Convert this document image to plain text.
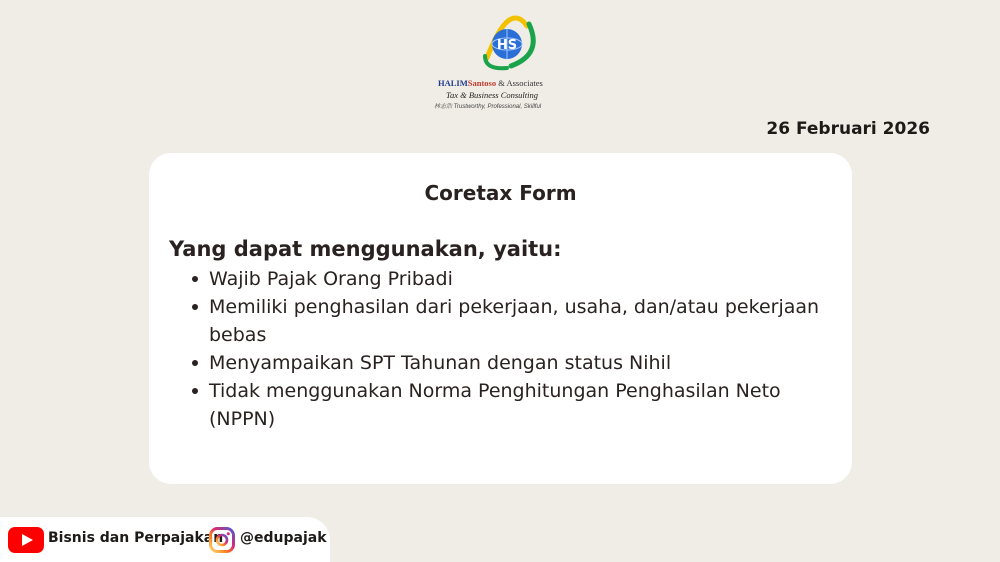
HS
HALIMSantoso & Associates
Tax & Business Consulting
林志浩 Trustworthy, Professional, Skillful
26 Februari 2026
Coretax Form
Yang dapat menggunakan, yaitu:
Wajib Pajak Orang Pribadi
Memiliki penghasilan dari pekerjaan, usaha, dan/atau pekerjaan bebas
Menyampaikan SPT Tahunan dengan status Nihil
Tidak menggunakan Norma Penghitungan Penghasilan Neto (NPPN)
Bisnis dan Perpajakan @edupajak
